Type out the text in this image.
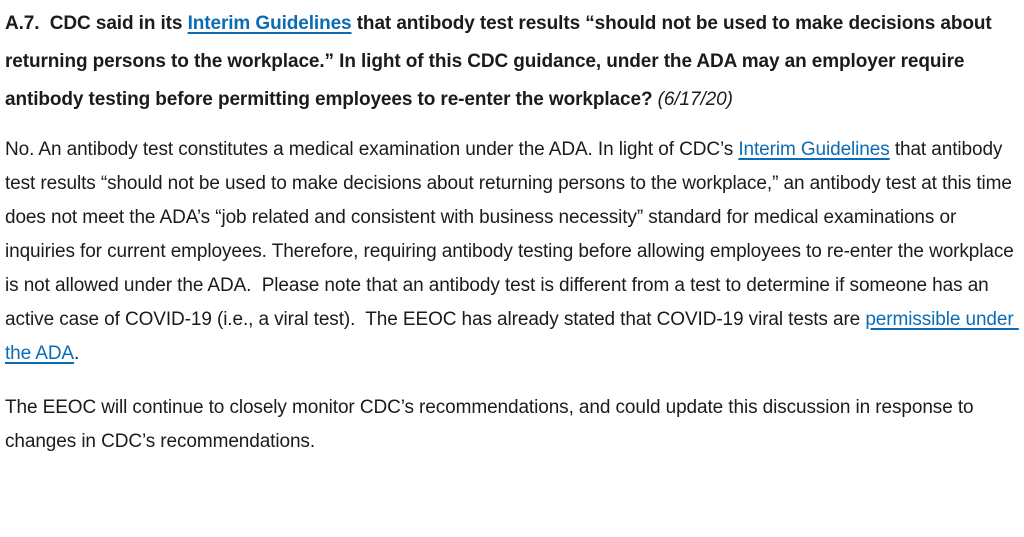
A.7.  CDC said in its Interim Guidelines that antibody test results “should not be used to make decisions about returning persons to the workplace.” In light of this CDC guidance, under the ADA may an employer require antibody testing before permitting employees to re-enter the workplace? (6/17/20)

No. An antibody test constitutes a medical examination under the ADA. In light of CDC’s Interim Guidelines that antibody test results “should not be used to make decisions about returning persons to the workplace,” an antibody test at this time does not meet the ADA’s “job related and consistent with business necessity” standard for medical examinations or inquiries for current employees. Therefore, requiring antibody testing before allowing employees to re-enter the workplace is not allowed under the ADA.  Please note that an antibody test is different from a test to determine if someone has an active case of COVID-19 (i.e., a viral test).  The EEOC has already stated that COVID-19 viral tests are permissible under the ADA.

The EEOC will continue to closely monitor CDC’s recommendations, and could update this discussion in response to changes in CDC’s recommendations.
